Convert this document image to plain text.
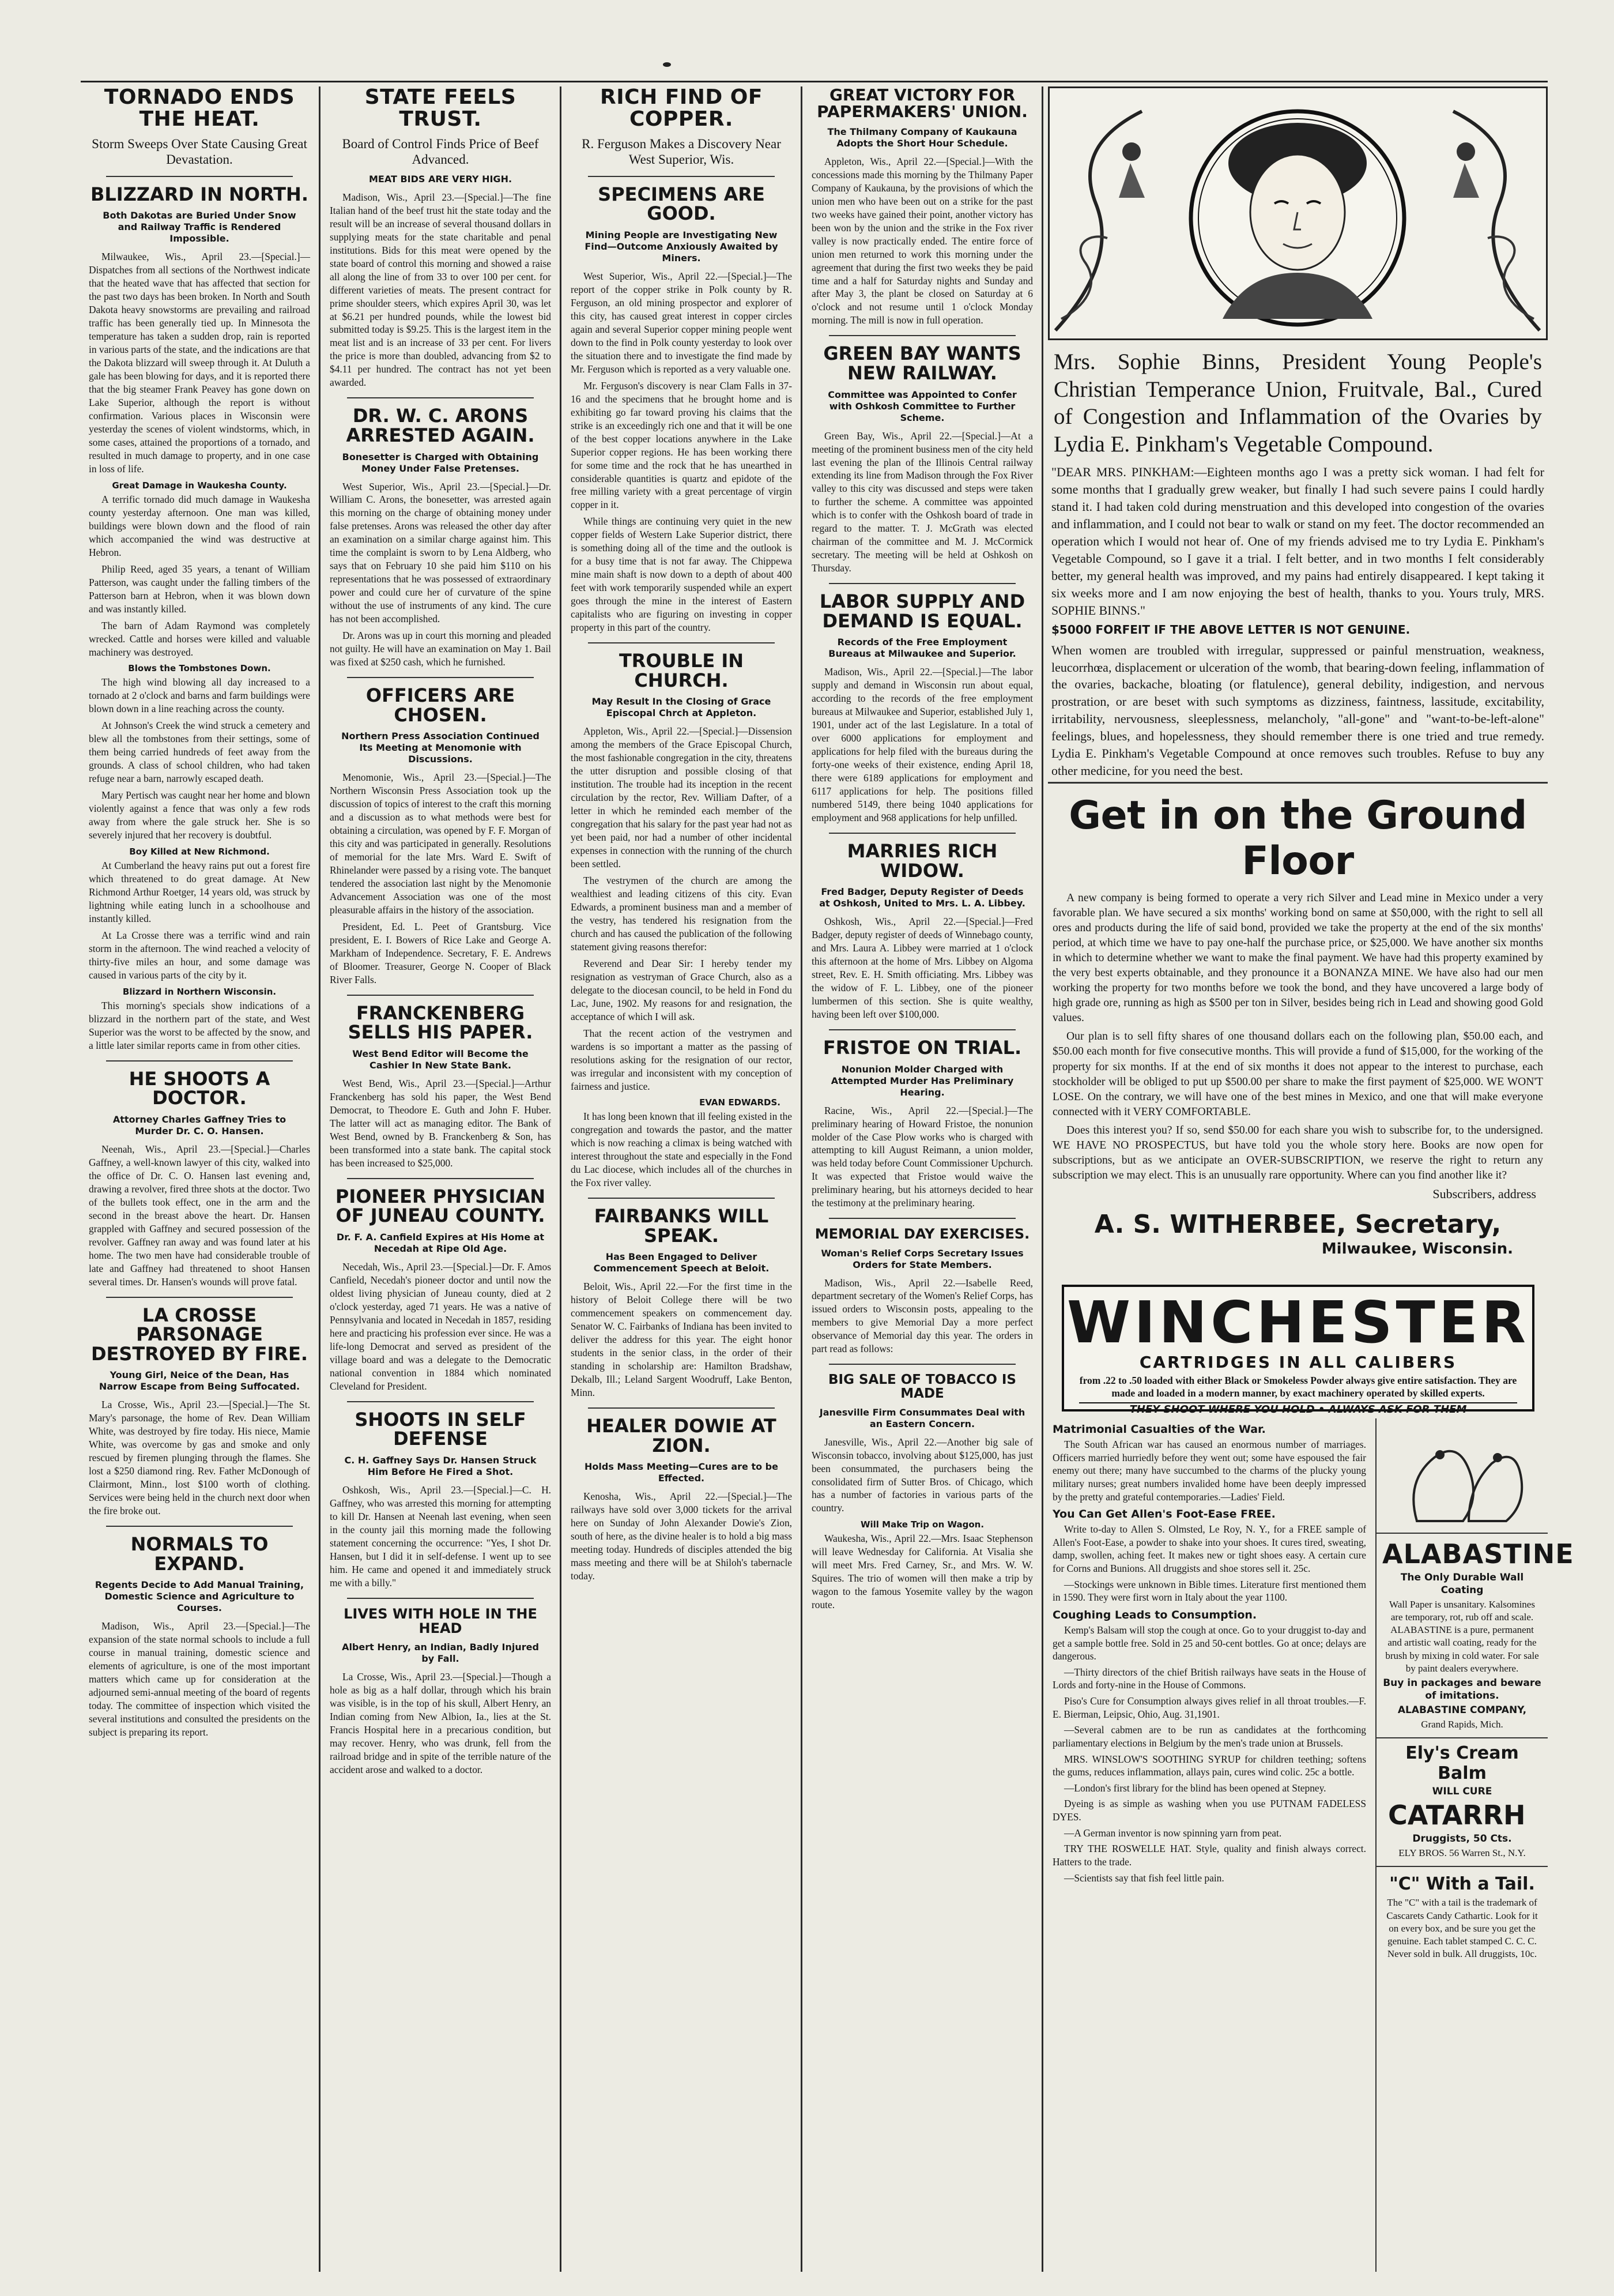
TORNADO ENDS THE HEAT.
Storm Sweeps Over State Causing Great Devastation.
BLIZZARD IN NORTH.
Both Dakotas are Buried Under Snow and Railway Traffic is Rendered Impossible.

Milwaukee, Wis., April 23.—[Special.]—Dispatches from all sections of the Northwest indicate that the heated wave that has affected that section for the past two days has been broken. In North and South Dakota heavy snowstorms are prevailing and railroad traffic has been generally tied up. In Minnesota the temperature has taken a sudden drop, rain is reported in various parts of the state, and the indications are that the Dakota blizzard will sweep through it. At Duluth a gale has been blowing for days, and it is reported there that the big steamer Frank Peavey has gone down on Lake Superior, although the report is without confirmation. Various places in Wisconsin were yesterday the scenes of violent windstorms, which, in some cases, attained the proportions of a tornado, and resulted in much damage to property, and in one case in loss of life.

Great Damage in Waukesha County.

A terrific tornado did much damage in Waukesha county yesterday afternoon. One man was killed, buildings were blown down and the flood of rain which accompanied the wind was destructive at Hebron.

Philip Reed, aged 35 years, a tenant of William Patterson, was caught under the falling timbers of the Patterson barn at Hebron, when it was blown down and was instantly killed.

The barn of Adam Raymond was completely wrecked. Cattle and horses were killed and valuable machinery was destroyed.

Blows the Tombstones Down.

The high wind blowing all day increased to a tornado at 2 o'clock and barns and farm buildings were blown down in a line reaching across the county.

At Johnson's Creek the wind struck a cemetery and blew all the tombstones from their settings, some of them being carried hundreds of feet away from the grounds. A class of school children, who had taken refuge near a barn, narrowly escaped death.

Mary Pertisch was caught near her home and blown violently against a fence that was only a few rods away from where the gale struck her. She is so severely injured that her recovery is doubtful.

Boy Killed at New Richmond.

At Cumberland the heavy rains put out a forest fire which threatened to do great damage. At New Richmond Arthur Roetger, 14 years old, was struck by lightning while eating lunch in a schoolhouse and instantly killed.

At La Crosse there was a terrific wind and rain storm in the afternoon. The wind reached a velocity of thirty-five miles an hour, and some damage was caused in various parts of the city by it.

Blizzard in Northern Wisconsin.

This morning's specials show indications of a blizzard in the northern part of the state, and West Superior was the worst to be affected by the snow, and a little later similar reports came in from other cities.

HE SHOOTS A DOCTOR.
Attorney Charles Gaffney Tries to Murder Dr. C. O. Hansen.

Neenah, Wis., April 23.—[Special.]—Charles Gaffney, a well-known lawyer of this city, walked into the office of Dr. C. O. Hansen last evening and, drawing a revolver, fired three shots at the doctor. Two of the bullets took effect, one in the arm and the second in the breast above the heart. Dr. Hansen grappled with Gaffney and secured possession of the revolver. Gaffney ran away and was found later at his home. The two men have had considerable trouble of late and Gaffney had threatened to shoot Hansen several times. Dr. Hansen's wounds will prove fatal.

LA CROSSE PARSONAGE DESTROYED BY FIRE.
Young Girl, Neice of the Dean, Has Narrow Escape from Being Suffocated.

La Crosse, Wis., April 23.—[Special.]—The St. Mary's parsonage, the home of Rev. Dean William White, was destroyed by fire today. His niece, Mamie White, was overcome by gas and smoke and only rescued by firemen plunging through the flames. She lost a $250 diamond ring. Rev. Father McDonough of Clairmont, Minn., lost $100 worth of clothing. Services were being held in the church next door when the fire broke out.

NORMALS TO EXPAND.
Regents Decide to Add Manual Training, Domestic Science and Agriculture to Courses.

Madison, Wis., April 23.—[Special.]—The expansion of the state normal schools to include a full course in manual training, domestic science and elements of agriculture, is one of the most important matters which came up for consideration at the adjourned semi-annual meeting of the board of regents today. The committee of inspection which visited the several institutions and consulted the presidents on the subject is preparing its report.

STATE FEELS TRUST.
Board of Control Finds Price of Beef Advanced.
MEAT BIDS ARE VERY HIGH.

Madison, Wis., April 23.—[Special.]—The fine Italian hand of the beef trust hit the state today and the result will be an increase of several thousand dollars in supplying meats for the state charitable and penal institutions. Bids for this meat were opened by the state board of control this morning and showed a raise all along the line of from 33 to over 100 per cent. for different varieties of meats. The present contract for prime shoulder steers, which expires April 30, was let at $6.21 per hundred pounds, while the lowest bid submitted today is $9.25. This is the largest item in the meat list and is an increase of 33 per cent. For livers the price is more than doubled, advancing from $2 to $4.11 per hundred. The contract has not yet been awarded.

DR. W. C. ARONS ARRESTED AGAIN.
Bonesetter is Charged with Obtaining Money Under False Pretenses.

West Superior, Wis., April 23.—[Special.]—Dr. William C. Arons, the bonesetter, was arrested again this morning on the charge of obtaining money under false pretenses. Arons was released the other day after an examination on a similar charge against him. This time the complaint is sworn to by Lena Aldberg, who says that on February 10 she paid him $110 on his representations that he was possessed of extraordinary power and could cure her of curvature of the spine without the use of instruments of any kind. The cure has not been accomplished.

Dr. Arons was up in court this morning and pleaded not guilty. He will have an examination on May 1. Bail was fixed at $250 cash, which he furnished.

OFFICERS ARE CHOSEN.
Northern Press Association Continued Its Meeting at Menomonie with Discussions.

Menomonie, Wis., April 23.—[Special.]—The Northern Wisconsin Press Association took up the discussion of topics of interest to the craft this morning and a discussion as to what methods were best for obtaining a circulation, was opened by F. F. Morgan of this city and was participated in generally. Resolutions of memorial for the late Mrs. Ward E. Swift of Rhinelander were passed by a rising vote. The banquet tendered the association last night by the Menomonie Advancement Association was one of the most pleasurable affairs in the history of the association.

President, Ed. L. Peet of Grantsburg. Vice president, E. I. Bowers of Rice Lake and George A. Markham of Independence. Secretary, F. E. Andrews of Bloomer. Treasurer, George N. Cooper of Black River Falls.

FRANCKENBERG SELLS HIS PAPER.
West Bend Editor will Become the Cashier In New State Bank.

West Bend, Wis., April 23.—[Special.]—Arthur Franckenberg has sold his paper, the West Bend Democrat, to Theodore E. Guth and John F. Huber. The latter will act as managing editor. The Bank of West Bend, owned by B. Franckenberg & Son, has been transformed into a state bank. The capital stock has been increased to $25,000.

PIONEER PHYSICIAN OF JUNEAU COUNTY.
Dr. F. A. Canfield Expires at His Home at Necedah at Ripe Old Age.

Necedah, Wis., April 23.—[Special.]—Dr. F. Amos Canfield, Necedah's pioneer doctor and until now the oldest living physician of Juneau county, died at 2 o'clock yesterday, aged 71 years. He was a native of Pennsylvania and located in Necedah in 1857, residing here and practicing his profession ever since. He was a life-long Democrat and served as president of the village board and was a delegate to the Democratic national convention in 1884 which nominated Cleveland for President.

SHOOTS IN SELF DEFENSE
C. H. Gaffney Says Dr. Hansen Struck Him Before He Fired a Shot.

Oshkosh, Wis., April 23.—[Special.]—C. H. Gaffney, who was arrested this morning for attempting to kill Dr. Hansen at Neenah last evening, when seen in the county jail this morning made the following statement concerning the occurrence: "Yes, I shot Dr. Hansen, but I did it in self-defense. I went up to see him. He came and opened it and immediately struck me with a billy."

LIVES WITH HOLE IN THE HEAD
Albert Henry, an Indian, Badly Injured by Fall.

La Crosse, Wis., April 23.—[Special.]—Though a hole as big as a half dollar, through which his brain was visible, is in the top of his skull, Albert Henry, an Indian coming from New Albion, Ia., lies at the St. Francis Hospital here in a precarious condition, but may recover. Henry, who was drunk, fell from the railroad bridge and in spite of the terrible nature of the accident arose and walked to a doctor.

RICH FIND OF COPPER.
R. Ferguson Makes a Discovery Near West Superior, Wis.
SPECIMENS ARE GOOD.
Mining People are Investigating New Find—Outcome Anxiously Awaited by Miners.

West Superior, Wis., April 22.—[Special.]—The report of the copper strike in Polk county by R. Ferguson, an old mining prospector and explorer of this city, has caused great interest in copper circles again and several Superior copper mining people went down to the find in Polk county yesterday to look over the situation there and to investigate the find made by Mr. Ferguson which is reported as a very valuable one.

Mr. Ferguson's discovery is near Clam Falls in 37-16 and the specimens that he brought home and is exhibiting go far toward proving his claims that the strike is an exceedingly rich one and that it will be one of the best copper locations anywhere in the Lake Superior copper regions. He has been working there for some time and the rock that he has unearthed in considerable quantities is quartz and epidote of the free milling variety with a great percentage of virgin copper in it.

While things are continuing very quiet in the new copper fields of Western Lake Superior district, there is something doing all of the time and the outlook is for a busy time that is not far away. The Chippewa mine main shaft is now down to a depth of about 400 feet with work temporarily suspended while an expert goes through the mine in the interest of Eastern capitalists who are figuring on investing in copper property in this part of the country.

TROUBLE IN CHURCH.
May Result In the Closing of Grace Episcopal Chrch at Appleton.

Appleton, Wis., April 22.—[Special.]—Dissension among the members of the Grace Episcopal Church, the most fashionable congregation in the city, threatens the utter disruption and possible closing of that institution. The trouble had its inception in the recent circulation by the rector, Rev. William Dafter, of a letter in which he reminded each member of the congregation that his salary for the past year had not as yet been paid, nor had a number of other incidental expenses in connection with the running of the church been settled.

The vestrymen of the church are among the wealthiest and leading citizens of this city. Evan Edwards, a prominent business man and a member of the vestry, has tendered his resignation from the church and has caused the publication of the following statement giving reasons therefor:

Reverend and Dear Sir: I hereby tender my resignation as vestryman of Grace Church, also as a delegate to the diocesan council, to be held in Fond du Lac, June, 1902. My reasons for and resignation, the acceptance of which I will ask.

That the recent action of the vestrymen and wardens is so important a matter as the passing of resolutions asking for the resignation of our rector, was irregular and inconsistent with my conception of fairness and justice.

EVAN EDWARDS.

It has long been known that ill feeling existed in the congregation and towards the pastor, and the matter which is now reaching a climax is being watched with interest throughout the state and especially in the Fond du Lac diocese, which includes all of the churches in the Fox river valley.

FAIRBANKS WILL SPEAK.
Has Been Engaged to Deliver Commencement Speech at Beloit.

Beloit, Wis., April 22.—For the first time in the history of Beloit College there will be two commencement speakers on commencement day. Senator W. C. Fairbanks of Indiana has been invited to deliver the address for this year. The eight honor students in the senior class, in the order of their standing in scholarship are: Hamilton Bradshaw, Dekalb, Ill.; Leland Sargent Woodruff, Lake Benton, Minn.

HEALER DOWIE AT ZION.
Holds Mass Meeting—Cures are to be Effected.

Kenosha, Wis., April 22.—[Special.]—The railways have sold over 3,000 tickets for the arrival here on Sunday of John Alexander Dowie's Zion, south of here, as the divine healer is to hold a big mass meeting today. Hundreds of disciples attended the big mass meeting and there will be at Shiloh's tabernacle today.

GREAT VICTORY FOR PAPERMAKERS' UNION.
The Thilmany Company of Kaukauna Adopts the Short Hour Schedule.

Appleton, Wis., April 22.—[Special.]—With the concessions made this morning by the Thilmany Paper Company of Kaukauna, by the provisions of which the union men who have been out on a strike for the past two weeks have gained their point, another victory has been won by the union and the strike in the Fox river valley is now practically ended. The entire force of union men returned to work this morning under the agreement that during the first two weeks they be paid time and a half for Saturday nights and Sunday and after May 3, the plant be closed on Saturday at 6 o'clock and not resume until 1 o'clock Monday morning. The mill is now in full operation.

GREEN BAY WANTS NEW RAILWAY.
Committee was Appointed to Confer with Oshkosh Committee to Further Scheme.

Green Bay, Wis., April 22.—[Special.]—At a meeting of the prominent business men of the city held last evening the plan of the Illinois Central railway extending its line from Madison through the Fox River valley to this city was discussed and steps were taken to further the scheme. A committee was appointed which is to confer with the Oshkosh board of trade in regard to the matter. T. J. McGrath was elected chairman of the committee and M. J. McCormick secretary. The meeting will be held at Oshkosh on Thursday.

LABOR SUPPLY AND DEMAND IS EQUAL.
Records of the Free Employment Bureaus at Milwaukee and Superior.

Madison, Wis., April 22.—[Special.]—The labor supply and demand in Wisconsin run about equal, according to the records of the free employment bureaus at Milwaukee and Superior, established July 1, 1901, under act of the last Legislature. In a total of over 6000 applications for employment and applications for help filed with the bureaus during the forty-one weeks of their existence, ending April 18, there were 6189 applications for employment and 6117 applications for help. The positions filled numbered 5149, there being 1040 applications for employment and 968 applications for help unfilled.

MARRIES RICH WIDOW.
Fred Badger, Deputy Register of Deeds at Oshkosh, United to Mrs. L. A. Libbey.

Oshkosh, Wis., April 22.—[Special.]—Fred Badger, deputy register of deeds of Winnebago county, and Mrs. Laura A. Libbey were married at 1 o'clock this afternoon at the home of Mrs. Libbey on Algoma street, Rev. E. H. Smith officiating. Mrs. Libbey was the widow of F. L. Libbey, one of the pioneer lumbermen of this section. She is quite wealthy, having been left over $100,000.

FRISTOE ON TRIAL.
Nonunion Molder Charged with Attempted Murder Has Preliminary Hearing.

Racine, Wis., April 22.—[Special.]—The preliminary hearing of Howard Fristoe, the nonunion molder of the Case Plow works who is charged with attempting to kill August Reimann, a union molder, was held today before Count Commissioner Upchurch. It was expected that Fristoe would waive the preliminary hearing, but his attorneys decided to hear the testimony at the preliminary hearing.

MEMORIAL DAY EXERCISES.
Woman's Relief Corps Secretary Issues Orders for State Members.

Madison, Wis., April 22.—Isabelle Reed, department secretary of the Women's Relief Corps, has issued orders to Wisconsin posts, appealing to the members to give Memorial Day a more perfect observance of Memorial day this year. The orders in part read as follows:

BIG SALE OF TOBACCO IS MADE
Janesville Firm Consummates Deal with an Eastern Concern.

Janesville, Wis., April 22.—Another big sale of Wisconsin tobacco, involving about $125,000, has just been consummated, the purchasers being the consolidated firm of Sutter Bros. of Chicago, which has a number of factories in various parts of the country.

Will Make Trip on Wagon.

Waukesha, Wis., April 22.—Mrs. Isaac Stephenson will leave Wednesday for California. At Visalia she will meet Mrs. Fred Carney, Sr., and Mrs. W. W. Squires. The trio of women will then make a trip by wagon to the famous Yosemite valley by the wagon route.

Mrs. Sophie Binns, President Young People's Christian Temperance Union, Fruitvale, Bal., Cured of Congestion and Inflammation of the Ovaries by Lydia E. Pinkham's Vegetable Compound.

"DEAR MRS. PINKHAM:—Eighteen months ago I was a pretty sick woman. I had felt for some months that I gradually grew weaker, but finally I had such severe pains I could hardly stand it. I had taken cold during menstruation and this developed into congestion of the ovaries and inflammation, and I could not bear to walk or stand on my feet. The doctor recommended an operation which I would not hear of. One of my friends advised me to try Lydia E. Pinkham's Vegetable Compound, so I gave it a trial. I felt better, and in two months I felt considerably better, my general health was improved, and my pains had entirely disappeared. I kept taking it six weeks more and I am now enjoying the best of health, thanks to you. Yours truly, MRS. SOPHIE BINNS."

$5000 FORFEIT IF THE ABOVE LETTER IS NOT GENUINE.

When women are troubled with irregular, suppressed or painful menstruation, weakness, leucorrhœa, displacement or ulceration of the womb, that bearing-down feeling, inflammation of the ovaries, backache, bloating (or flatulence), general debility, indigestion, and nervous prostration, or are beset with such symptoms as dizziness, faintness, lassitude, excitability, irritability, nervousness, sleeplessness, melancholy, "all-gone" and "want-to-be-left-alone" feelings, blues, and hopelessness, they should remember there is one tried and true remedy. Lydia E. Pinkham's Vegetable Compound at once removes such troubles. Refuse to buy any other medicine, for you need the best.

Get in on the Ground Floor

A new company is being formed to operate a very rich Silver and Lead mine in Mexico under a very favorable plan. We have secured a six months' working bond on same at $50,000, with the right to sell all ores and products during the life of said bond, provided we take the property at the end of the six months' period, at which time we have to pay one-half the purchase price, or $25,000. We have another six months in which to determine whether we want to make the final payment. We have had this property examined by the very best experts obtainable, and they pronounce it a BONANZA MINE. We have also had our men working the property for two months before we took the bond, and they have uncovered a large body of high grade ore, running as high as $500 per ton in Silver, besides being rich in Lead and showing good Gold values.

Our plan is to sell fifty shares of one thousand dollars each on the following plan, $50.00 each, and $50.00 each month for five consecutive months. This will provide a fund of $15,000, for the working of the property for six months. If at the end of six months it does not appear to the interest to purchase, each stockholder will be obliged to put up $500.00 per share to make the first payment of $25,000. WE WON'T LOSE. On the contrary, we will have one of the best mines in Mexico, and one that will make everyone connected with it VERY COMFORTABLE.

Does this interest you? If so, send $50.00 for each share you wish to subscribe for, to the undersigned. WE HAVE NO PROSPECTUS, but have told you the whole story here. Books are now open for subscriptions, but as we anticipate an OVER-SUBSCRIPTION, we reserve the right to return any subscription we may elect. This is an unusually rare opportunity. Where can you find another like it?

Subscribers, address
A. S. WITHERBEE, Secretary,
Milwaukee, Wisconsin.
WINCHESTER
CARTRIDGES IN ALL CALIBERS
from .22 to .50 loaded with either Black or Smokeless Powder always give entire satisfaction. They are made and loaded in a modern manner, by exact machinery operated by skilled experts.
THEY SHOOT WHERE YOU HOLD • ALWAYS ASK FOR THEM
Matrimonial Casualties of the War.

The South African war has caused an enormous number of marriages. Officers married hurriedly before they went out; some have espoused the fair enemy out there; many have succumbed to the charms of the plucky young military nurses; great numbers invalided home have been deeply impressed by the pretty and grateful contemporaries.—Ladies' Field.

You Can Get Allen's Foot-Ease FREE.

Write to-day to Allen S. Olmsted, Le Roy, N. Y., for a FREE sample of Allen's Foot-Ease, a powder to shake into your shoes. It cures tired, sweating, damp, swollen, aching feet. It makes new or tight shoes easy. A certain cure for Corns and Bunions. All druggists and shoe stores sell it. 25c.

—Stockings were unknown in Bible times. Literature first mentioned them in 1590. They were first worn in Italy about the year 1100.

Coughing Leads to Consumption.

Kemp's Balsam will stop the cough at once. Go to your druggist to-day and get a sample bottle free. Sold in 25 and 50-cent bottles. Go at once; delays are dangerous.

—Thirty directors of the chief British railways have seats in the House of Lords and forty-nine in the House of Commons.

Piso's Cure for Consumption always gives relief in all throat troubles.—F. E. Bierman, Leipsic, Ohio, Aug. 31,1901.

—Several cabmen are to be run as candidates at the forthcoming parliamentary elections in Belgium by the men's trade union at Brussels.

MRS. WINSLOW'S SOOTHING SYRUP for children teething; softens the gums, reduces inflammation, allays pain, cures wind colic. 25c a bottle.

—London's first library for the blind has been opened at Stepney.

Dyeing is as simple as washing when you use PUTNAM FADELESS DYES.

—A German inventor is now spinning yarn from peat.

TRY THE ROSWELLE HAT. Style, quality and finish always correct. Hatters to the trade.

—Scientists say that fish feel little pain.

ALABASTINE

The Only Durable Wall Coating

Wall Paper is unsanitary. Kalsomines are temporary, rot, rub off and scale. ALABASTINE is a pure, permanent and artistic wall coating, ready for the brush by mixing in cold water. For sale by paint dealers everywhere.

Buy in packages and beware of imitations.

ALABASTINE COMPANY,

Grand Rapids, Mich.

Ely's Cream Balm

WILL CURE

CATARRH

Druggists, 50 Cts.

ELY BROS. 56 Warren St., N.Y.

"C" With a Tail.

The "C" with a tail is the trademark of Cascarets Candy Cathartic. Look for it on every box, and be sure you get the genuine. Each tablet stamped C. C. C. Never sold in bulk. All druggists, 10c.
